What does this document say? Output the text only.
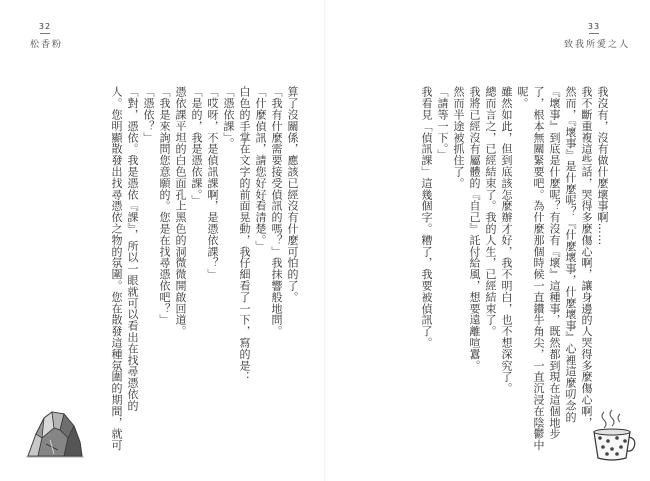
32
松香粉
33
致我所愛之人

我沒有，沒有做什麼壞事啊……

我不斷重複這些話，哭得多麼傷心啊，讓身邊的人哭得多麼傷心啊，

然而，『壞事』是什麼呢？『什麼壞事，什麼壞事』心裡這麼叨念的

『壞事』到底是什麼呢？有沒有『壞』這種事，既然都到現在這個地步

了，根本無關緊要吧。為什麼那個時候一直鑽牛角尖，一直沉浸在陰鬱中

呢。

雖然如此，但到底該怎麼辦才好，我不明白，也不想深究了。

總而言之，已經結束了。我的人生，已經結束了。

我將已經沒有屬體的『自己』託付給風，想要遠離喧囂。

然而半途被抓住了。

「請等一下。」

我看見「偵訊課」這幾個字。糟了，我要被偵訊了。

算了沒關係，應該已經沒有什麼可怕的了。

「我有什麼需要接受偵訊的嗎？」我抹響般地問。

「什麼偵訊，請您好好看清楚。」

白色的手掌在文字的前面晃動，我仔細看了一下，寫的是：

「憑依課」。

「哎呀，不是偵訊課啊，是憑依課？」

「是的，我是憑依課。」

憑依課平坦的白色面孔上黑色的洞微微開啟回道。

「我是來詢問您意願的。您是在找尋憑依吧？」

「憑依？」

「對，憑依。我是憑依『課』，所以一眼就可以看出在找尋憑依的

人。您明顯散發出找尋憑依之物的氛圍。您在散發這種氛圍的期間，就可
